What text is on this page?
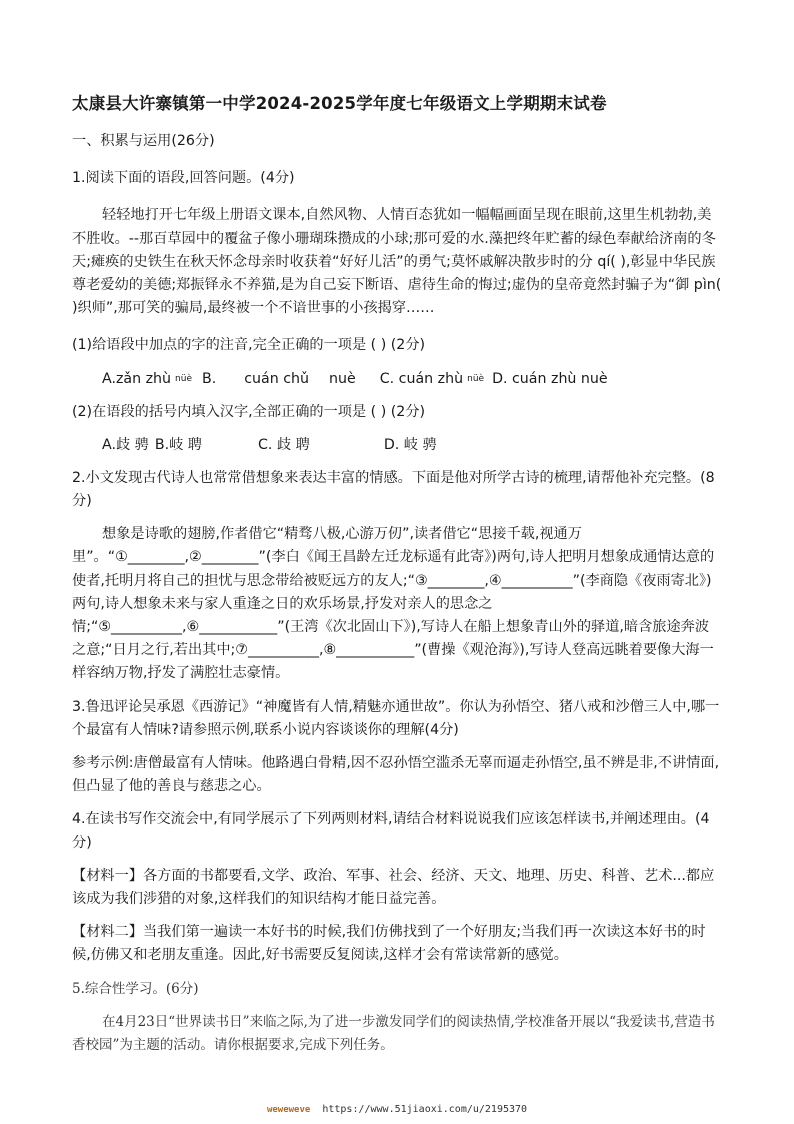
太康县大许寨镇第一中学2024-2025学年度七年级语文上学期期末试卷
一、积累与运用(26分)
1.阅读下面的语段,回答问题。(4分)
轻轻地打开七年级上册语文课本,自然风物、人情百态犹如一幅幅画面呈现在眼前,这里生机勃勃,美不胜收。--那百草园中的覆盆子像小珊瑚珠攒成的小球;那可爱的水.藻把终年贮蓄的绿色奉献给济南的冬天;瘫痪的史铁生在秋天怀念母亲时收获着“好好儿活”的勇气;莫怀戚解决散步时的分 qí( ),彰显中华民族尊老爱幼的美德;郑振铎永不养猫,是为自己妄下断语、虐待生命的悔过;虚伪的皇帝竟然封骗子为“御 pìn( )织师”,那可笑的骗局,最终被一个不谙世事的小孩揭穿……
(1)给语段中加点的字的注音,完全正确的一项是 ( ) (2分)
A.zǎn zhù nüè B. cuán chǔ nuè C. cuán zhù nüè D. cuán zhù nuè
(2)在语段的括号内填入汉字,全部正确的一项是 ( ) (2分)
A.歧 骋 B.岐 聘	C. 歧 聘	D. 岐 骋
2.小文发现古代诗人也常常借想象来表达丰富的情感。下面是他对所学古诗的梳理,请帮他补充完整。(8分)
想象是诗歌的翅膀,作者借它“精骛八极,心游万仞”,读者借它“思接千载,视通万里”。“①________,②________”(李白《闻王昌龄左迁龙标遥有此寄》)两句,诗人把明月想象成通情达意的使者,托明月将自己的担忧与思念带给被贬远方的友人;“③________,④__________”(李商隐《夜雨寄北》)两句,诗人想象未来与家人重逢之日的欢乐场景,抒发对亲人的思念之情;“⑤__________,⑥___________”(王湾《次北固山下》),写诗人在船上想象青山外的驿道,暗含旅途奔波之意;“日月之行,若出其中;⑦__________,⑧___________”(曹操《观沧海》),写诗人登高远眺着要像大海一样容纳万物,抒发了满腔壮志豪情。
3.鲁迅评论吴承恩《西游记》“神魔皆有人情,精魅亦通世故”。你认为孙悟空、猪八戒和沙僧三人中,哪一个最富有人情味?请参照示例,联系小说内容谈谈你的理解(4分)
参考示例:唐僧最富有人情味。他路遇白骨精,因不忍孙悟空滥杀无辜而逼走孙悟空,虽不辨是非,不讲情面,但凸显了他的善良与慈悲之心。
4.在读书写作交流会中,有同学展示了下列两则材料,请结合材料说说我们应该怎样读书,并阐述理由。(4分)
【材料一】各方面的书都要看,文学、政治、军事、社会、经济、天文、地理、历史、科普、艺术...都应该成为我们涉猎的对象,这样我们的知识结构才能日益完善。
【材料二】当我们第一遍读一本好书的时候,我们仿佛找到了一个好朋友;当我们再一次读这本好书的时候,仿佛又和老朋友重逢。因此,好书需要反复阅读,这样才会有常读常新的感觉。
5.综合性学习。(6分)
在4月23日“世界读书日”来临之际,为了进一步激发同学们的阅读热情,学校准备开展以“我爱读书,营造书香校园”为主题的活动。请你根据要求,完成下列任务。
weweweve https://www.51jiaoxi.com/u/2195370
